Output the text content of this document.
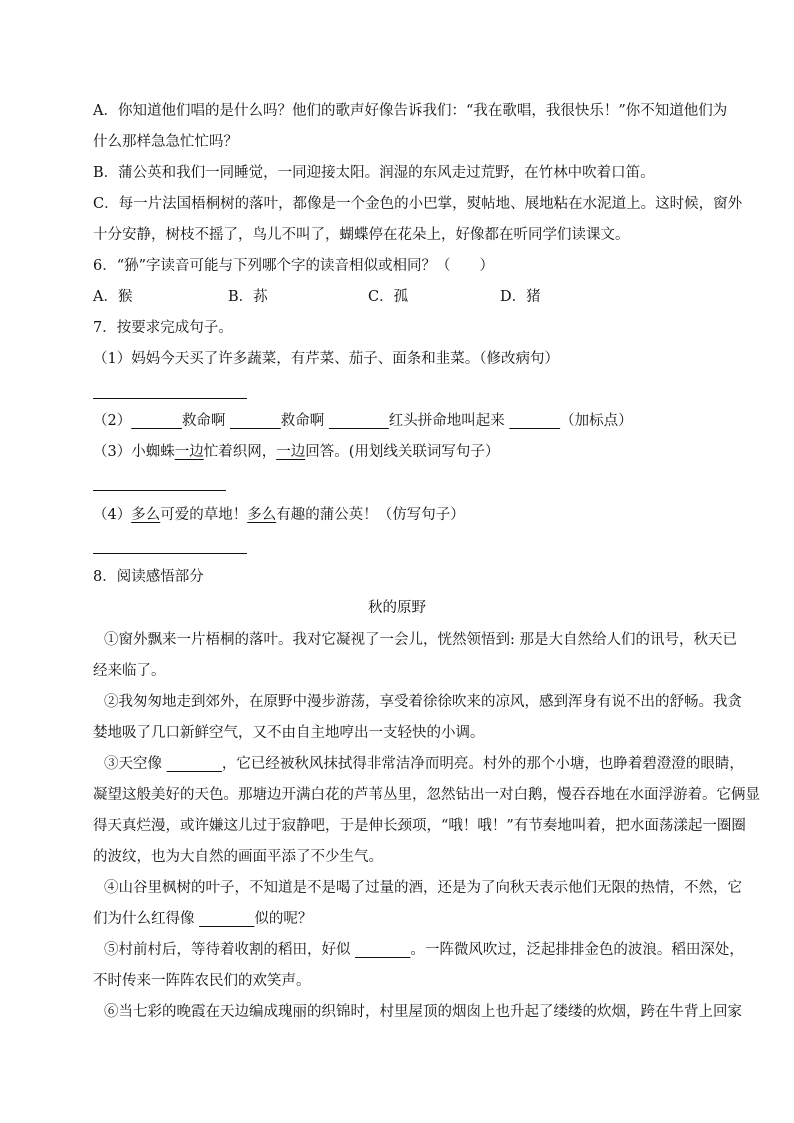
A．你知道他们唱的是什么吗？他们的歌声好像告诉我们：“我在歌唱，我很快乐！”你不知道他们为
什么那样急急忙忙吗？
B．蒲公英和我们一同睡觉，一同迎接太阳。润湿的东风走过荒野，在竹林中吹着口笛。
C．每一片法国梧桐树的落叶，都像是一个金色的小巴掌，熨帖地、展地粘在水泥道上。这时候，窗外
十分安静，树枝不摇了，鸟儿不叫了，蝴蝶停在花朵上，好像都在听同学们读课文。
6．“狲”字读音可能与下列哪个字的读音相似或相同？（　　）
A．猴	B．荪	C．孤	D．猪
7．按要求完成句子。
（1）妈妈今天买了许多蔬菜，有芹菜、茄子、面条和韭菜。（修改病句）
（2）	救命啊	救命啊	红头拼命地叫起来	（加标点）
（3）小蜘蛛一边忙着织网，一边回答。(用划线关联词写句子）
（4）多么可爱的草地！多么有趣的蒲公英！（仿写句子）
8．阅读感悟部分
秋的原野
①窗外飘来一片梧桐的落叶。我对它凝视了一会儿，恍然领悟到: 那是大自然给人们的讯号，秋天已
经来临了。
②我匆匆地走到郊外，在原野中漫步游荡，享受着徐徐吹来的凉风，感到浑身有说不出的舒畅。我贪
婪地吸了几口新鲜空气，又不由自主地哼出一支轻快的小调。
③天空像	，它已经被秋风抹拭得非常洁净而明亮。村外的那个小塘，也睁着碧澄澄的眼睛，
凝望这般美好的天色。那塘边开满白花的芦苇丛里，忽然钻出一对白鹅，慢吞吞地在水面浮游着。它俩显
得天真烂漫，或许嫌这儿过于寂静吧，于是伸长颈项，“哦！哦！”有节奏地叫着，把水面荡漾起一圈圈
的波纹，也为大自然的画面平添了不少生气。
④山谷里枫树的叶子，不知道是不是喝了过量的酒，还是为了向秋天表示他们无限的热情，不然，它
们为什么红得像	似的呢？
⑤村前村后，等待着收割的稻田，好似	。一阵微风吹过，泛起排排金色的波浪。稻田深处，
不时传来一阵阵农民们的欢笑声。
⑥当七彩的晚霞在天边编成瑰丽的织锦时，村里屋顶的烟囱上也升起了缕缕的炊烟，跨在牛背上回家
